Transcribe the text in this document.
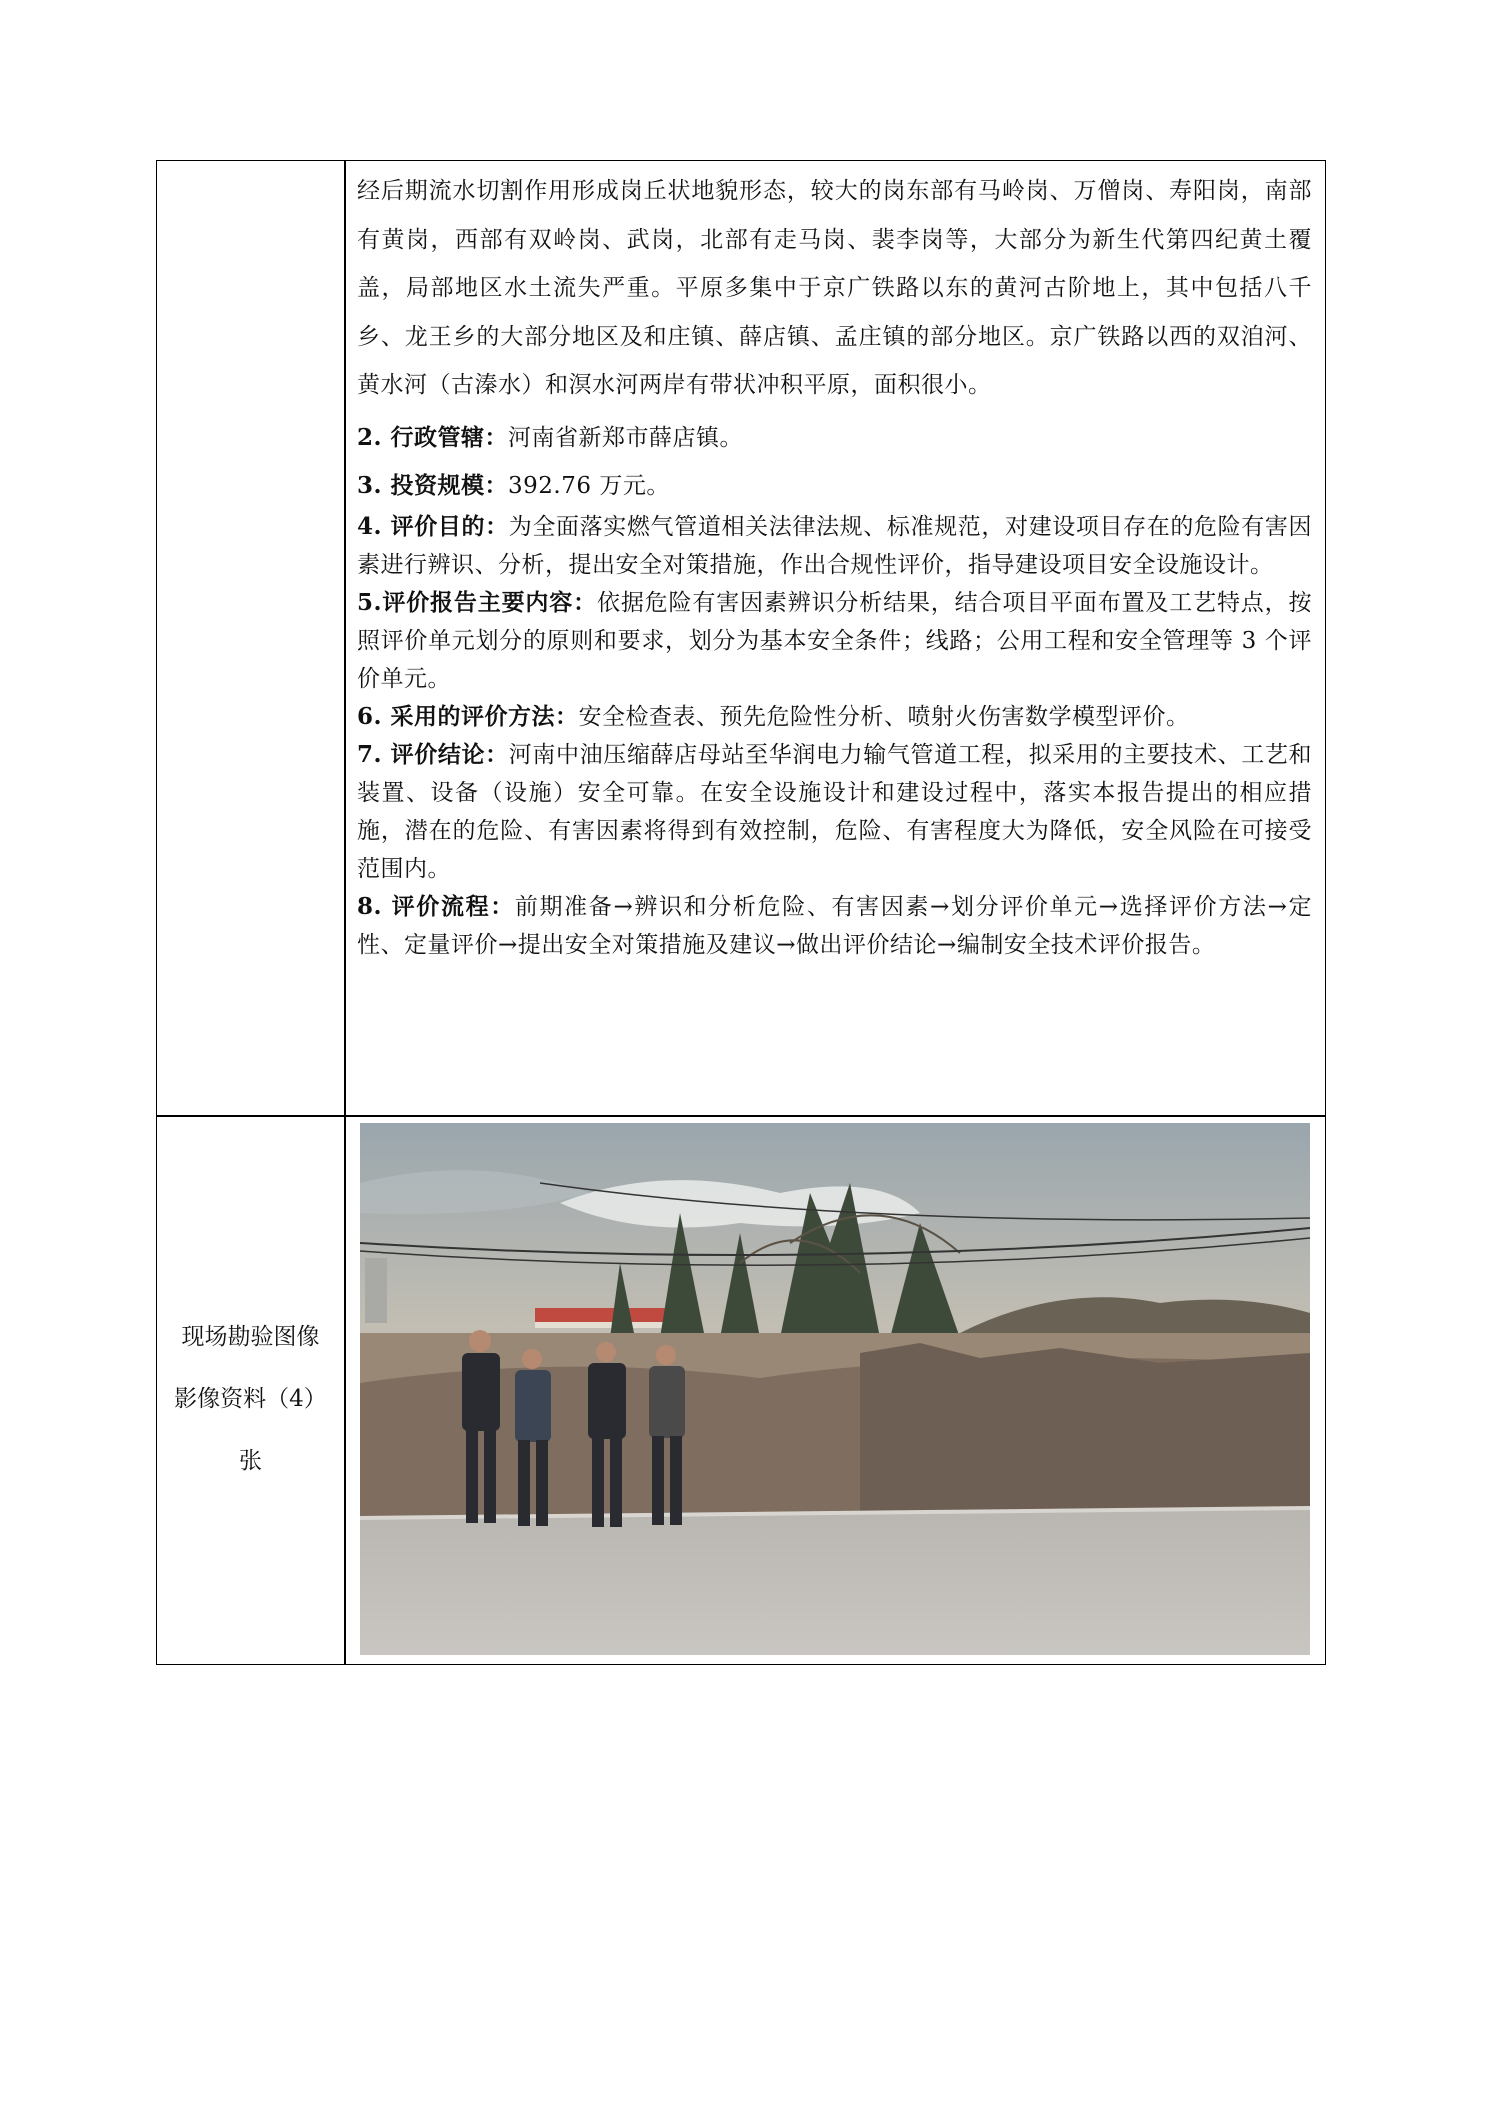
经后期流水切割作用形成岗丘状地貌形态，较大的岗东部有马岭岗、万僧岗、寿阳岗，南部有黄岗，西部有双岭岗、武岗，北部有走马岗、裴李岗等，大部分为新生代第四纪黄土覆盖，局部地区水土流失严重。平原多集中于京广铁路以东的黄河古阶地上，其中包括八千乡、龙王乡的大部分地区及和庄镇、薛店镇、孟庄镇的部分地区。京广铁路以西的双洎河、黄水河（古溱水）和溟水河两岸有带状冲积平原，面积很小。

2. 行政管辖：河南省新郑市薛店镇。

3. 投资规模：392.76 万元。

4. 评价目的：为全面落实燃气管道相关法律法规、标准规范，对建设项目存在的危险有害因素进行辨识、分析，提出安全对策措施，作出合规性评价，指导建设项目安全设施设计。

5.评价报告主要内容：依据危险有害因素辨识分析结果，结合项目平面布置及工艺特点，按照评价单元划分的原则和要求，划分为基本安全条件；线路；公用工程和安全管理等 3 个评价单元。

6. 采用的评价方法：安全检查表、预先危险性分析、喷射火伤害数学模型评价。

7. 评价结论：河南中油压缩薛店母站至华润电力输气管道工程，拟采用的主要技术、工艺和装置、设备（设施）安全可靠。在安全设施设计和建设过程中，落实本报告提出的相应措施，潜在的危险、有害因素将得到有效控制，危险、有害程度大为降低，安全风险在可接受范围内。

8. 评价流程：前期准备→辨识和分析危险、有害因素→划分评价单元→选择评价方法→定性、定量评价→提出安全对策措施及建议→做出评价结论→编制安全技术评价报告。

现场勘验图像
影像资料（4）
张
